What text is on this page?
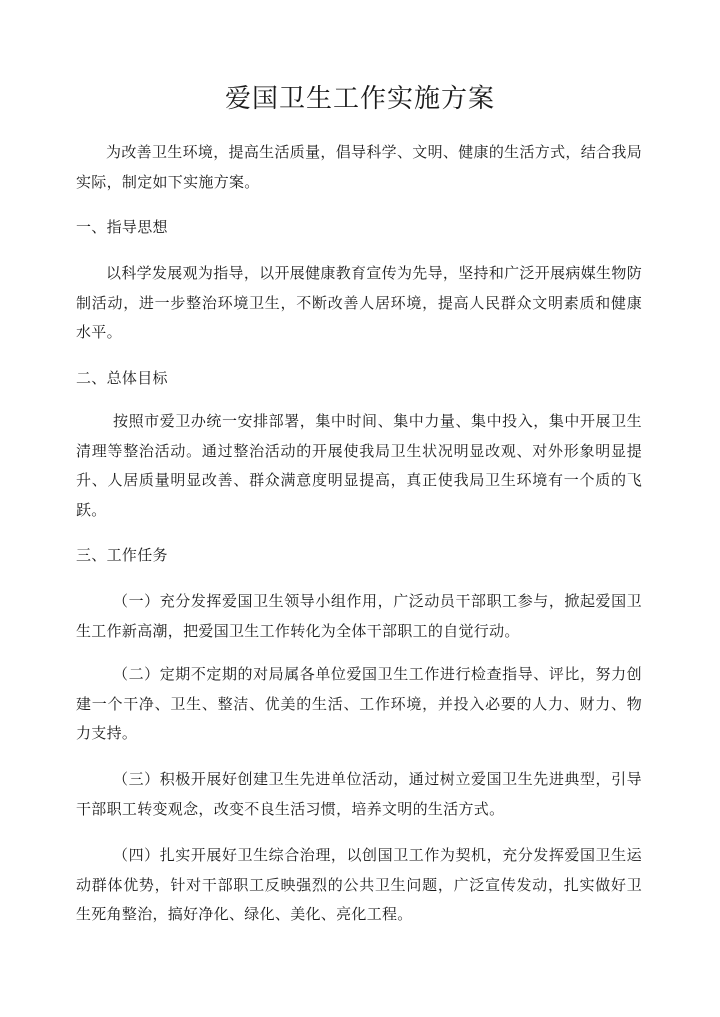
爱国卫生工作实施方案

为改善卫生环境，提高生活质量，倡导科学、文明、健康的生活方式，结合我局实际，制定如下实施方案。

一、指导思想

以科学发展观为指导，以开展健康教育宣传为先导，坚持和广泛开展病媒生物防制活动，进一步整治环境卫生，不断改善人居环境，提高人民群众文明素质和健康水平。

二、总体目标

按照市爱卫办统一安排部署，集中时间、集中力量、集中投入，集中开展卫生清理等整治活动。通过整治活动的开展使我局卫生状况明显改观、对外形象明显提升、人居质量明显改善、群众满意度明显提高，真正使我局卫生环境有一个质的飞跃。

三、工作任务

（一）充分发挥爱国卫生领导小组作用，广泛动员干部职工参与，掀起爱国卫生工作新高潮，把爱国卫生工作转化为全体干部职工的自觉行动。

（二）定期不定期的对局属各单位爱国卫生工作进行检查指导、评比，努力创建一个干净、卫生、整洁、优美的生活、工作环境，并投入必要的人力、财力、物力支持。

（三）积极开展好创建卫生先进单位活动，通过树立爱国卫生先进典型，引导干部职工转变观念，改变不良生活习惯，培养文明的生活方式。

（四）扎实开展好卫生综合治理，以创国卫工作为契机，充分发挥爱国卫生运动群体优势，针对干部职工反映强烈的公共卫生问题，广泛宣传发动，扎实做好卫生死角整治，搞好净化、绿化、美化、亮化工程。
